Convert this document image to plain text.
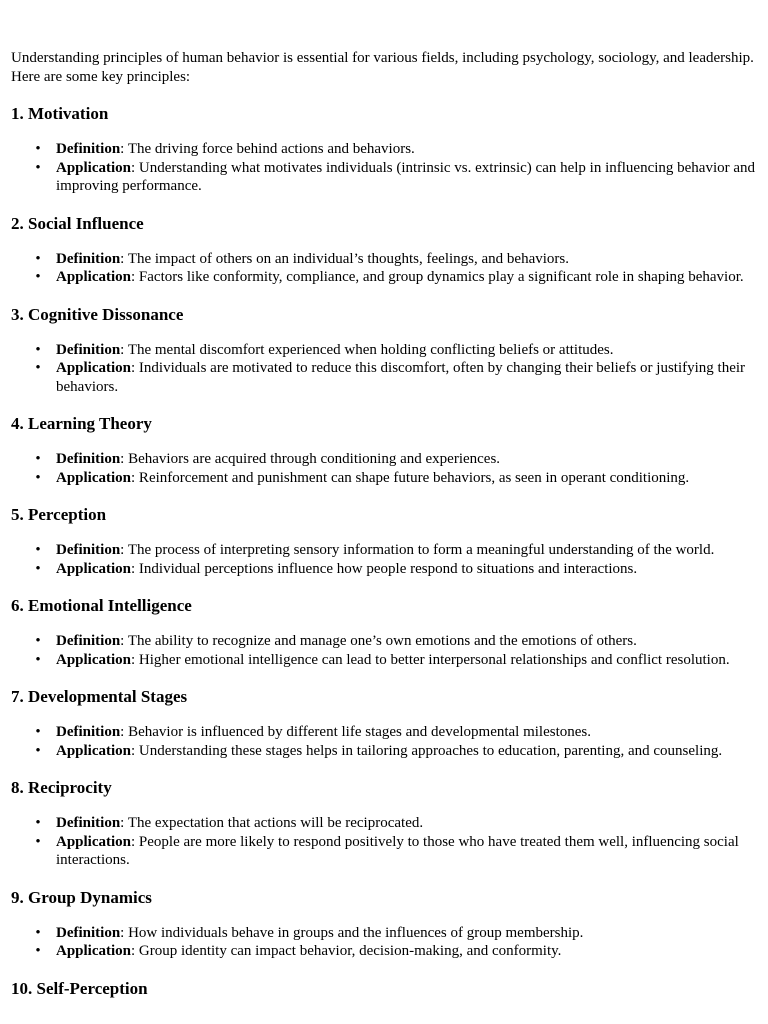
Understanding principles of human behavior is essential for various fields, including psychology, sociology, and leadership. Here are some key principles:

1. Motivation
• Definition: The driving force behind actions and behaviors.
• Application: Understanding what motivates individuals (intrinsic vs. extrinsic) can help in influencing behavior and improving performance.
2. Social Influence
• Definition: The impact of others on an individual’s thoughts, feelings, and behaviors.
• Application: Factors like conformity, compliance, and group dynamics play a significant role in shaping behavior.
3. Cognitive Dissonance
• Definition: The mental discomfort experienced when holding conflicting beliefs or attitudes.
• Application: Individuals are motivated to reduce this discomfort, often by changing their beliefs or justifying their behaviors.
4. Learning Theory
• Definition: Behaviors are acquired through conditioning and experiences.
• Application: Reinforcement and punishment can shape future behaviors, as seen in operant conditioning.
5. Perception
• Definition: The process of interpreting sensory information to form a meaningful understanding of the world.
• Application: Individual perceptions influence how people respond to situations and interactions.
6. Emotional Intelligence
• Definition: The ability to recognize and manage one’s own emotions and the emotions of others.
• Application: Higher emotional intelligence can lead to better interpersonal relationships and conflict resolution.
7. Developmental Stages
• Definition: Behavior is influenced by different life stages and developmental milestones.
• Application: Understanding these stages helps in tailoring approaches to education, parenting, and counseling.
8. Reciprocity
• Definition: The expectation that actions will be reciprocated.
• Application: People are more likely to respond positively to those who have treated them well, influencing social interactions.
9. Group Dynamics
• Definition: How individuals behave in groups and the influences of group membership.
• Application: Group identity can impact behavior, decision-making, and conformity.
10. Self-Perception
